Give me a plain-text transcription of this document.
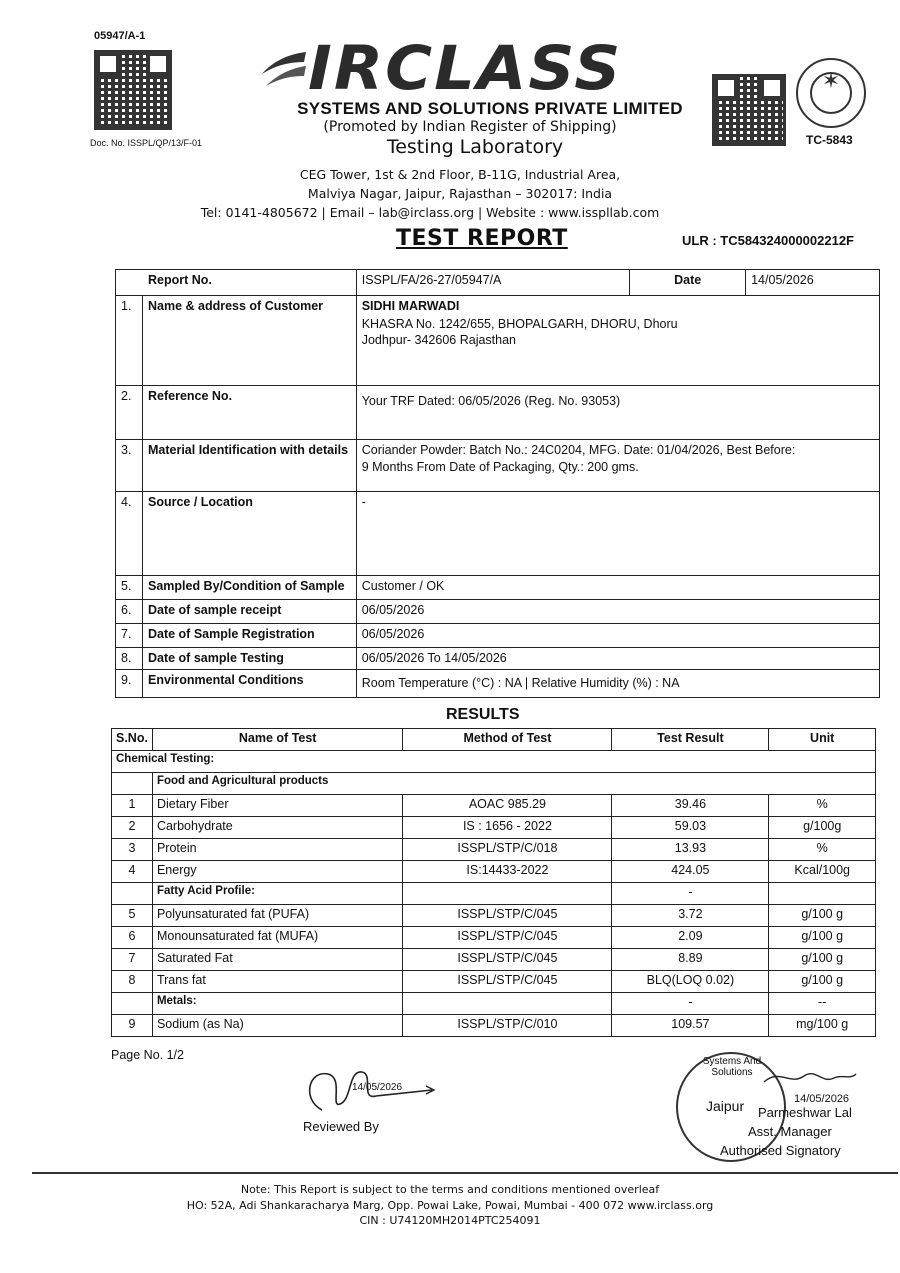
05947/A-1
Doc. No. ISSPL/QP/13/F-01
IRCLASS
SYSTEMS AND SOLUTIONS PRIVATE LIMITED
(Promoted by Indian Register of Shipping)
Testing Laboratory
CEG Tower, 1st & 2nd Floor, B-11G, Industrial Area,
Malviya Nagar, Jaipur, Rajasthan – 302017: India
Tel: 0141-4805672 | Email – lab@irclass.org | Website : www.isspllab.com
✶
TC-5843
TEST REPORT	ULR : TC584324000002212F
Report No.		ISSPL/FA/26-27/05947/A	Date	14/05/2026
1.	Name & address of Customer	SIDHI MARWADI
KHASRA No. 1242/655, BHOPALGARH, DHORU, Dhoru
Jodhpur- 342606 Rajasthan		

2.	Reference No.	Your TRF Dated: 06/05/2026 (Reg. No. 93053)		
3.	Material Identification with details	Coriander Powder: Batch No.: 24C0204, MFG. Date: 01/04/2026, Best Before:
9 Months From Date of Packaging, Qty.: 200 gms.		

4.	Source / Location	-		
5.	Sampled By/Condition of Sample	Customer / OK		
6.	Date of sample receipt	06/05/2026		
7.	Date of Sample Registration	06/05/2026		
8.	Date of sample Testing	06/05/2026 To 14/05/2026		
9.	Environmental Conditions	Room Temperature (°C) : NA | Relative Humidity (%) : NA		
RESULTS
S.No.	Name of Test	Method of Test	Test Result	Unit
Chemical Testing:				
	Food and Agricultural products			
1	Dietary Fiber	AOAC 985.29	39.46	%
2	Carbohydrate	IS : 1656 - 2022	59.03	g/100g
3	Protein	ISSPL/STP/C/018	13.93	%
4	Energy	IS:14433-2022	424.05	Kcal/100g
	Fatty Acid Profile:		-	
5	Polyunsaturated fat (PUFA)	ISSPL/STP/C/045	3.72	g/100 g
6	Monounsaturated fat (MUFA)	ISSPL/STP/C/045	2.09	g/100 g
7	Saturated Fat	ISSPL/STP/C/045	8.89	g/100 g
8	Trans fat	ISSPL/STP/C/045	BLQ(LOQ 0.02)	g/100 g
	Metals:		-	--
9	Sodium (as Na)	ISSPL/STP/C/010	109.57	mg/100 g
Page No. 1/2
14/05/2026
Reviewed By
Systems And Solutions
Jaipur	14/05/2026
Parmeshwar Lal
Asst. Manager
Authorised Signatory
Note: This Report is subject to the terms and conditions mentioned overleaf
HO: 52A, Adi Shankaracharya Marg, Opp. Powai Lake, Powai, Mumbai - 400 072 www.irclass.org
CIN : U74120MH2014PTC254091
